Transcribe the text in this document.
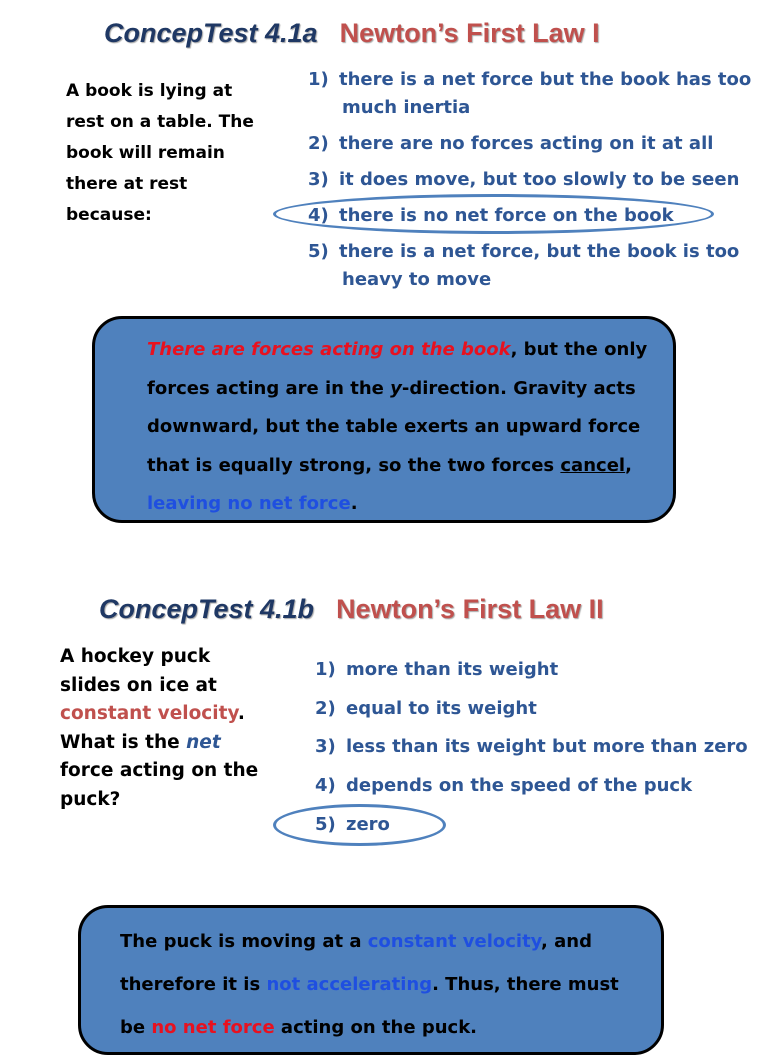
ConcepTest 4.1a Newton’s First Law I
A book is lying at rest on a table. The book will remain there at rest because:
1) there is a net force but the book has too
much inertia
2) there are no forces acting on it at all
3) it does move, but too slowly to be seen
4) there is no net force on the book
5) there is a net force, but the book is too
heavy to move
There are forces acting on the book, but the only forces acting are in the y-direction. Gravity acts downward, but the table exerts an upward force that is equally strong, so the two forces cancel, leaving no net force.
ConcepTest 4.1b Newton’s First Law II
A hockey puck slides on ice at constant velocity. What is the net force acting on the puck?
1) more than its weight
2) equal to its weight
3) less than its weight but more than zero
4) depends on the speed of the puck
5) zero
The puck is moving at a constant velocity, and therefore it is not accelerating. Thus, there must be no net force acting on the puck.
